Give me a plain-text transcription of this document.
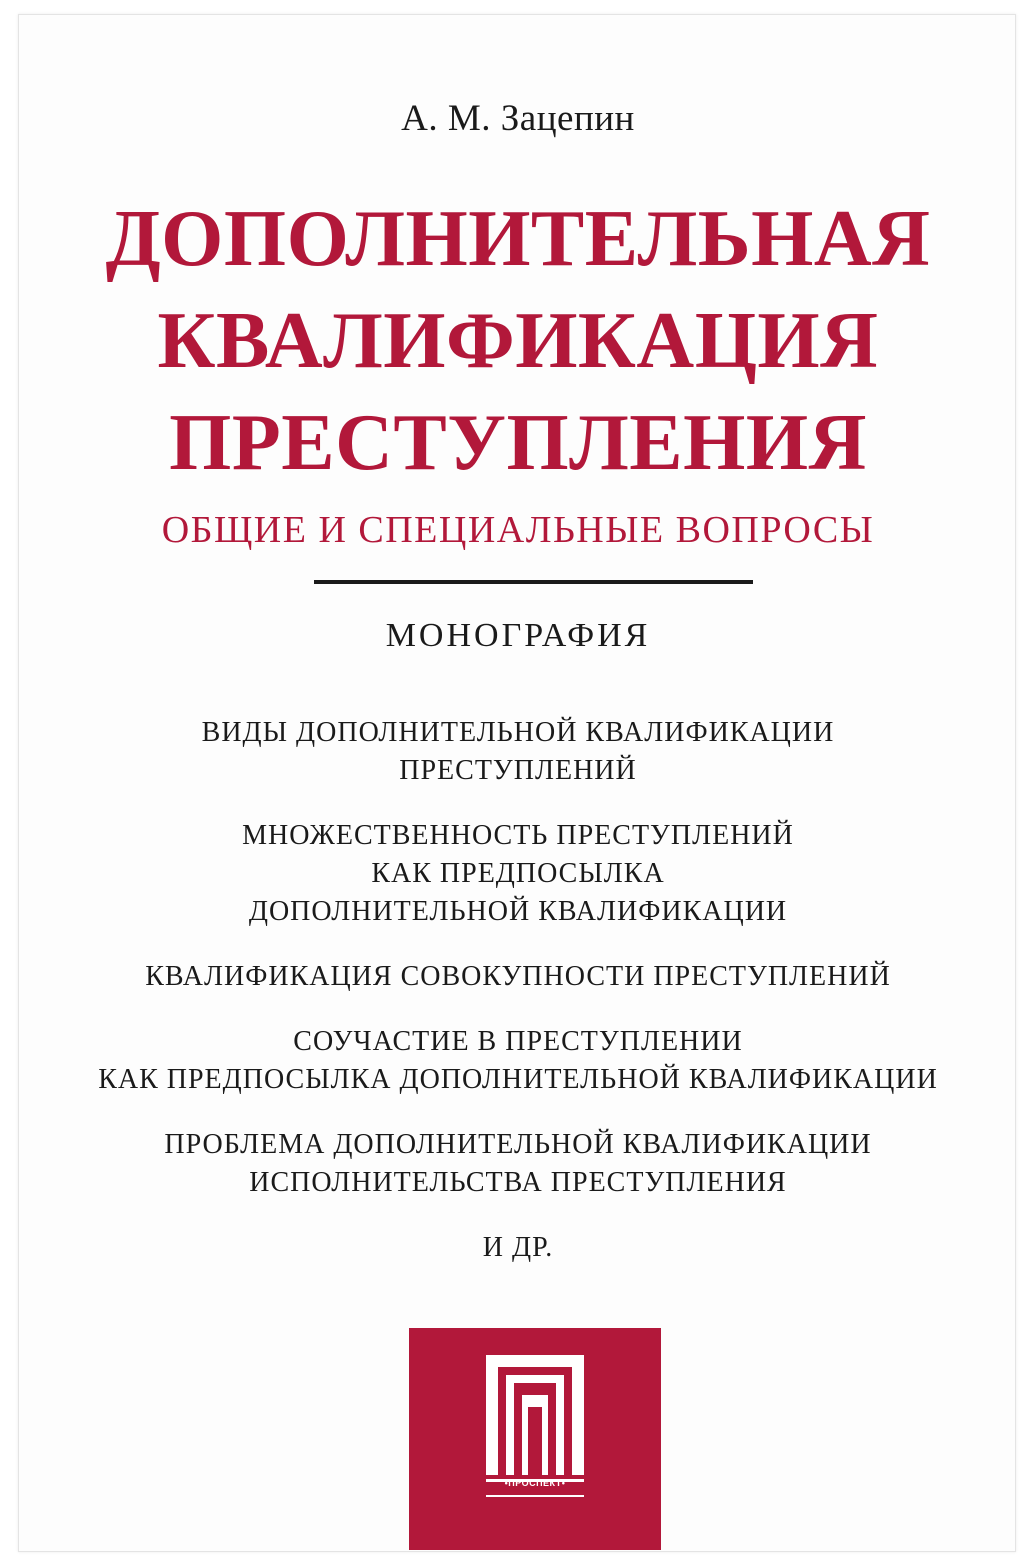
А. М. Зацепин
ДОПОЛНИТЕЛЬНАЯ
КВАЛИФИКАЦИЯ
ПРЕСТУПЛЕНИЯ
ОБЩИЕ И СПЕЦИАЛЬНЫЕ ВОПРОСЫ
МОНОГРАФИЯ
ВИДЫ ДОПОЛНИТЕЛЬНОЙ КВАЛИФИКАЦИИ
ПРЕСТУПЛЕНИЙ
МНОЖЕСТВЕННОСТЬ ПРЕСТУПЛЕНИЙ
КАК ПРЕДПОСЫЛКА
ДОПОЛНИТЕЛЬНОЙ КВАЛИФИКАЦИИ
КВАЛИФИКАЦИЯ СОВОКУПНОСТИ ПРЕСТУПЛЕНИЙ
СОУЧАСТИЕ В ПРЕСТУПЛЕНИИ
КАК ПРЕДПОСЫЛКА ДОПОЛНИТЕЛЬНОЙ КВАЛИФИКАЦИИ
ПРОБЛЕМА ДОПОЛНИТЕЛЬНОЙ КВАЛИФИКАЦИИ
ИСПОЛНИТЕЛЬСТВА ПРЕСТУПЛЕНИЯ
И ДР.
•ПРОСПЕКТ•
